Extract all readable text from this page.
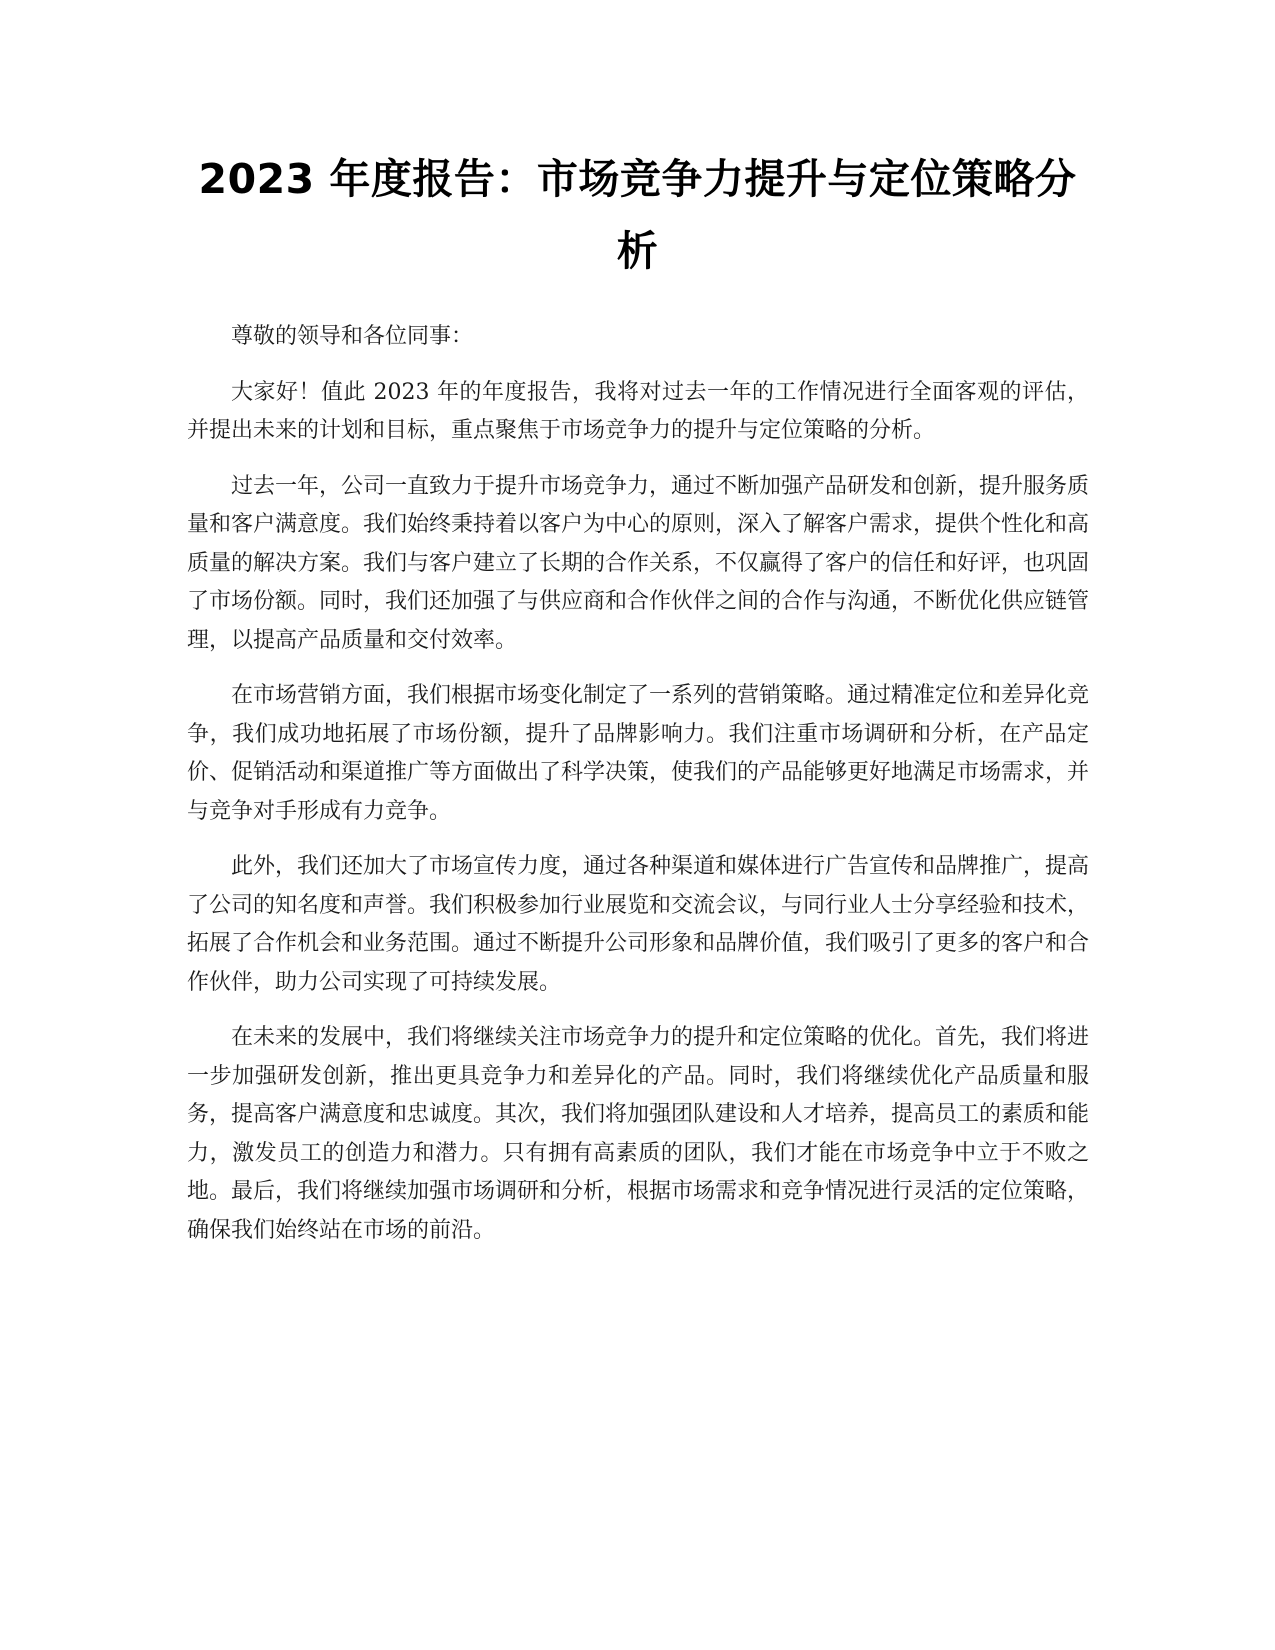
2023 年度报告：市场竞争力提升与定位策略分析

尊敬的领导和各位同事：

大家好！值此 2023 年的年度报告，我将对过去一年的工作情况进行全面客观的评估，并提出未来的计划和目标，重点聚焦于市场竞争力的提升与定位策略的分析。

过去一年，公司一直致力于提升市场竞争力，通过不断加强产品研发和创新，提升服务质量和客户满意度。我们始终秉持着以客户为中心的原则，深入了解客户需求，提供个性化和高质量的解决方案。我们与客户建立了长期的合作关系，不仅赢得了客户的信任和好评，也巩固了市场份额。同时，我们还加强了与供应商和合作伙伴之间的合作与沟通，不断优化供应链管理，以提高产品质量和交付效率。

在市场营销方面，我们根据市场变化制定了一系列的营销策略。通过精准定位和差异化竞争，我们成功地拓展了市场份额，提升了品牌影响力。我们注重市场调研和分析，在产品定价、促销活动和渠道推广等方面做出了科学决策，使我们的产品能够更好地满足市场需求，并与竞争对手形成有力竞争。

此外，我们还加大了市场宣传力度，通过各种渠道和媒体进行广告宣传和品牌推广，提高了公司的知名度和声誉。我们积极参加行业展览和交流会议，与同行业人士分享经验和技术，拓展了合作机会和业务范围。通过不断提升公司形象和品牌价值，我们吸引了更多的客户和合作伙伴，助力公司实现了可持续发展。

在未来的发展中，我们将继续关注市场竞争力的提升和定位策略的优化。首先，我们将进一步加强研发创新，推出更具竞争力和差异化的产品。同时，我们将继续优化产品质量和服务，提高客户满意度和忠诚度。其次，我们将加强团队建设和人才培养，提高员工的素质和能力，激发员工的创造力和潜力。只有拥有高素质的团队，我们才能在市场竞争中立于不败之地。最后，我们将继续加强市场调研和分析，根据市场需求和竞争情况进行灵活的定位策略，确保我们始终站在市场的前沿。
